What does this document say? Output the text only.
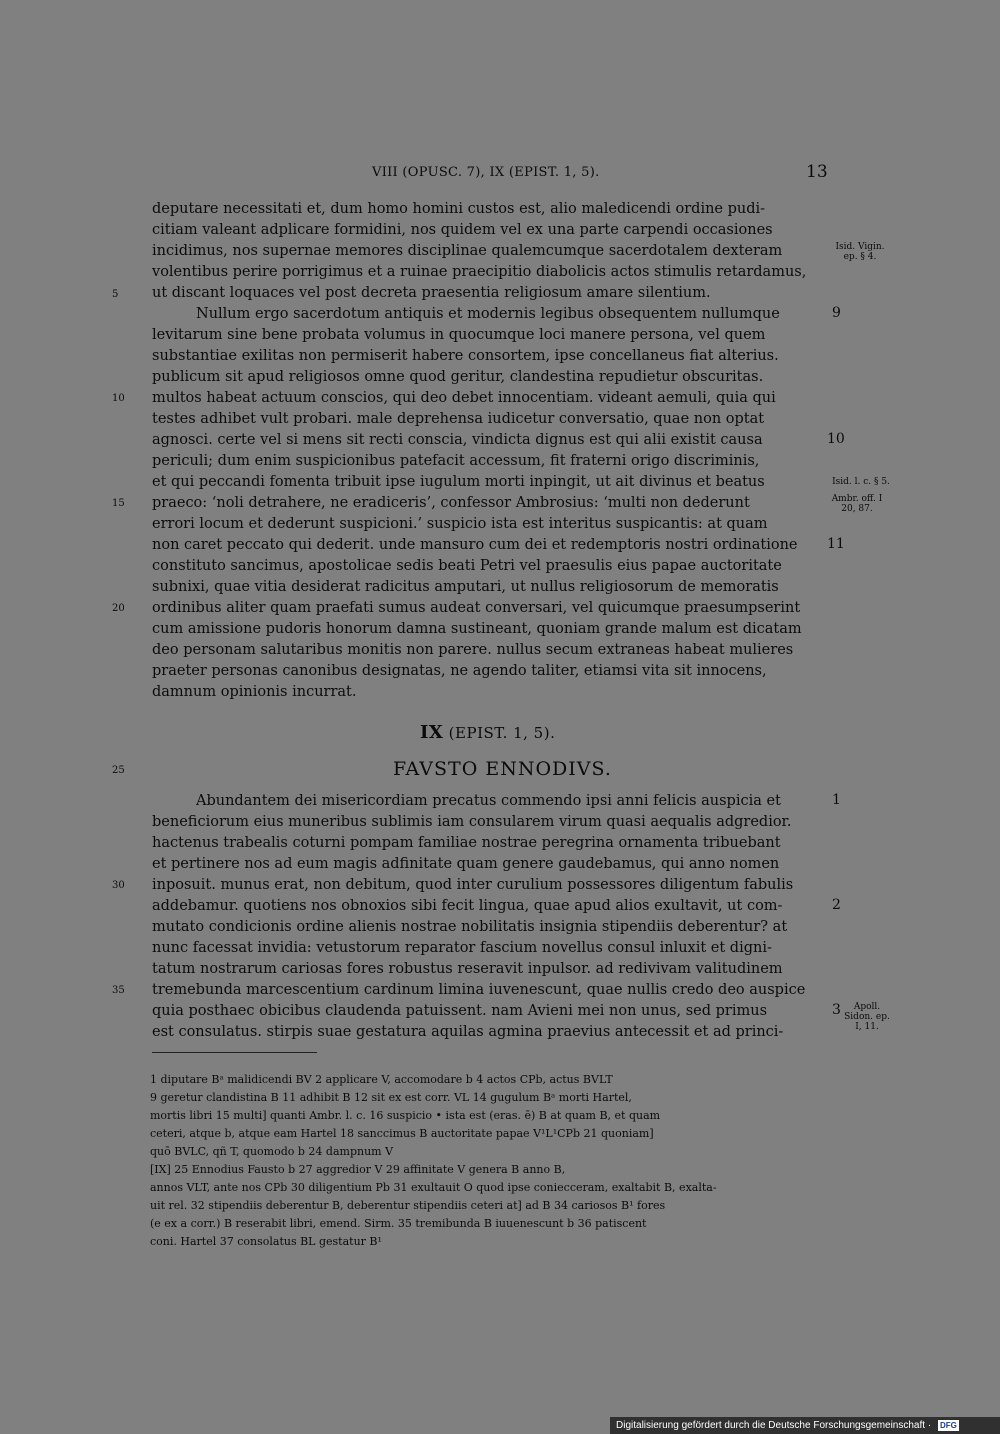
VIII (OPUSC. 7), IX (EPIST. 1, 5).	13
deputare necessitati et, dum homo homini custos est, alio maledicendi ordine pudi-
citiam valeant adplicare formidini, nos quidem vel ex una parte carpendi occasiones
incidimus, nos supernae memores disciplinae qualemcumque sacerdotalem dexteram
volentibus perire porrigimus et a ruinae praecipitio diabolicis actos stimulis retardamus,
ut discant loquaces vel post decreta praesentia religiosum amare silentium.
Nullum ergo sacerdotum antiquis et modernis legibus obsequentem nullumque
levitarum sine bene probata volumus in quocumque loci manere persona, vel quem
substantiae exilitas non permiserit habere consortem, ipse concellaneus fiat alterius.
publicum sit apud religiosos omne quod geritur, clandestina repudietur obscuritas.
multos habeat actuum conscios, qui deo debet innocentiam. videant aemuli, quia qui
testes adhibet vult probari. male deprehensa iudicetur conversatio, quae non optat
agnosci. certe vel si mens sit recti conscia, vindicta dignus est qui alii existit causa
periculi; dum enim suspicionibus patefacit accessum, fit fraterni origo discriminis,
et qui peccandi fomenta tribuit ipse iugulum morti inpingit, ut ait divinus et beatus
praeco: ‘noli detrahere, ne eradiceris’, confessor Ambrosius: ‘multi non dederunt
errori locum et dederunt suspicioni.’ suspicio ista est interitus suspicantis: at quam
non caret peccato qui dederit. unde mansuro cum dei et redemptoris nostri ordinatione
constituto sancimus, apostolicae sedis beati Petri vel praesulis eius papae auctoritate
subnixi, quae vitia desiderat radicitus amputari, ut nullus religiosorum de memoratis
ordinibus aliter quam praefati sumus audeat conversari, vel quicumque praesumpserint
cum amissione pudoris honorum damna sustineant, quoniam grande malum est dicatam
deo personam salutaribus monitis non parere. nullus secum extraneas habeat mulieres
praeter personas canonibus designatas, ne agendo taliter, etiamsi vita sit innocens,
damnum opinionis incurrat.
IX (EPIST. 1, 5).
FAVSTO ENNODIVS.
Abundantem dei misericordiam precatus commendo ipsi anni felicis auspicia et
beneficiorum eius muneribus sublimis iam consularem virum quasi aequalis adgredior.
hactenus trabealis coturni pompam familiae nostrae peregrina ornamenta tribuebant
et pertinere nos ad eum magis adfinitate quam genere gaudebamus, qui anno nomen
inposuit. munus erat, non debitum, quod inter curulium possessores diligentum fabulis
addebamur. quotiens nos obnoxios sibi fecit lingua, quae apud alios exultavit, ut com-
mutato condicionis ordine alienis nostrae nobilitatis insignia stipendiis deberentur? at
nunc facessat invidia: vetustorum reparator fascium novellus consul inluxit et digni-
tatum nostrarum cariosas fores robustus reseravit inpulsor. ad redivivam valitudinem
tremebunda marcescentium cardinum limina iuvenescunt, quae nullis credo deo auspice
quia posthaec obicibus claudenda patuissent. nam Avieni mei non unus, sed primus
est consulatus. stirpis suae gestatura aquilas agmina praevius antecessit et ad princi-
5
10
15
20
25
30
35
9
10
11
1
2
3
Isid. Vigin. ep. § 4.
Isid. l. c. § 5.
Ambr. off. I 20, 87.
Apoll. Sidon. ep. I, 11.
1 diputare Bᵃ malidicendi BV 2 applicare V, accomodare b 4 actos CPb, actus BVLT
9 geretur clandistina B 11 adhibit B 12 sit ex est corr. VL 14 gugulum Bᵃ morti Hartel,
mortis libri 15 multi] quanti Ambr. l. c. 16 suspicio • ista est (eras. ē) B at quam B, et quam
ceteri, atque b, atque eam Hartel 18 sanccimus B auctoritate papae V¹L¹CPb 21 quoniam]
quō BVLC, qñ T, quomodo b 24 dampnum V
[IX] 25 Ennodius Fausto b 27 aggredior V 29 affinitate V genera B anno B,
annos VLT, ante nos CPb 30 diligentium Pb 31 exultauit O quod ipse coniecceram, exaltabit B, exalta-
uit rel. 32 stipendiis deberentur B, deberentur stipendiis ceteri at] ad B 34 cariosos B¹ fores
(e ex a corr.) B reserabit libri, emend. Sirm. 35 tremibunda B iuuenescunt b 36 patiscent
coni. Hartel 37 consolatus BL gestatur B¹
Digitalisierung gefördert durch die Deutsche Forschungsgemeinschaft · DFG
